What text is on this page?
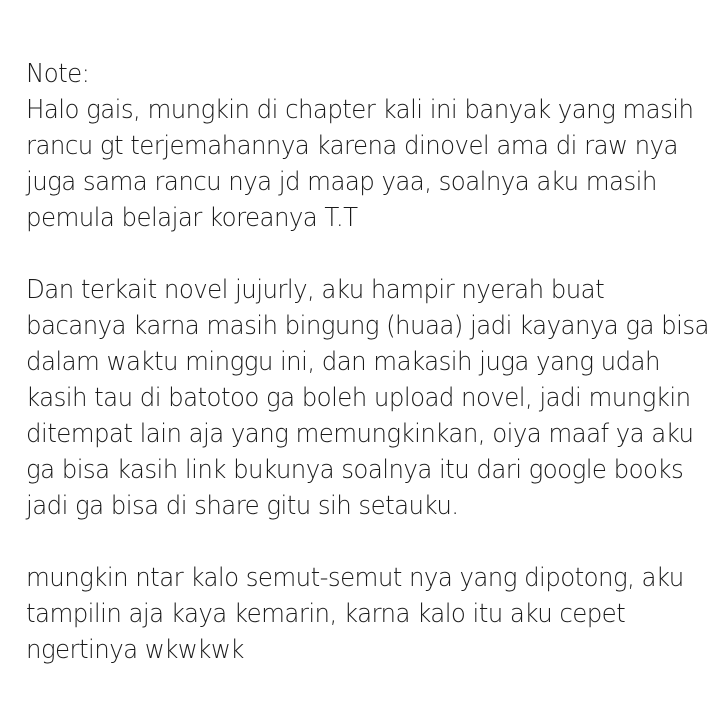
Note:
Halo gais, mungkin di chapter kali ini banyak yang masih
rancu gt terjemahannya karena dinovel ama di raw nya
juga sama rancu nya jd maap yaa, soalnya aku masih
pemula belajar koreanya T.T
Dan terkait novel jujurly, aku hampir nyerah buat
bacanya karna masih bingung (huaa) jadi kayanya ga bisa
dalam waktu minggu ini, dan makasih juga yang udah
kasih tau di batotoo ga boleh upload novel, jadi mungkin
ditempat lain aja yang memungkinkan, oiya maaf ya aku
ga bisa kasih link bukunya soalnya itu dari google books
jadi ga bisa di share gitu sih setauku.
mungkin ntar kalo semut-semut nya yang dipotong, aku
tampilin aja kaya kemarin, karna kalo itu aku cepet
ngertinya wkwkwk
